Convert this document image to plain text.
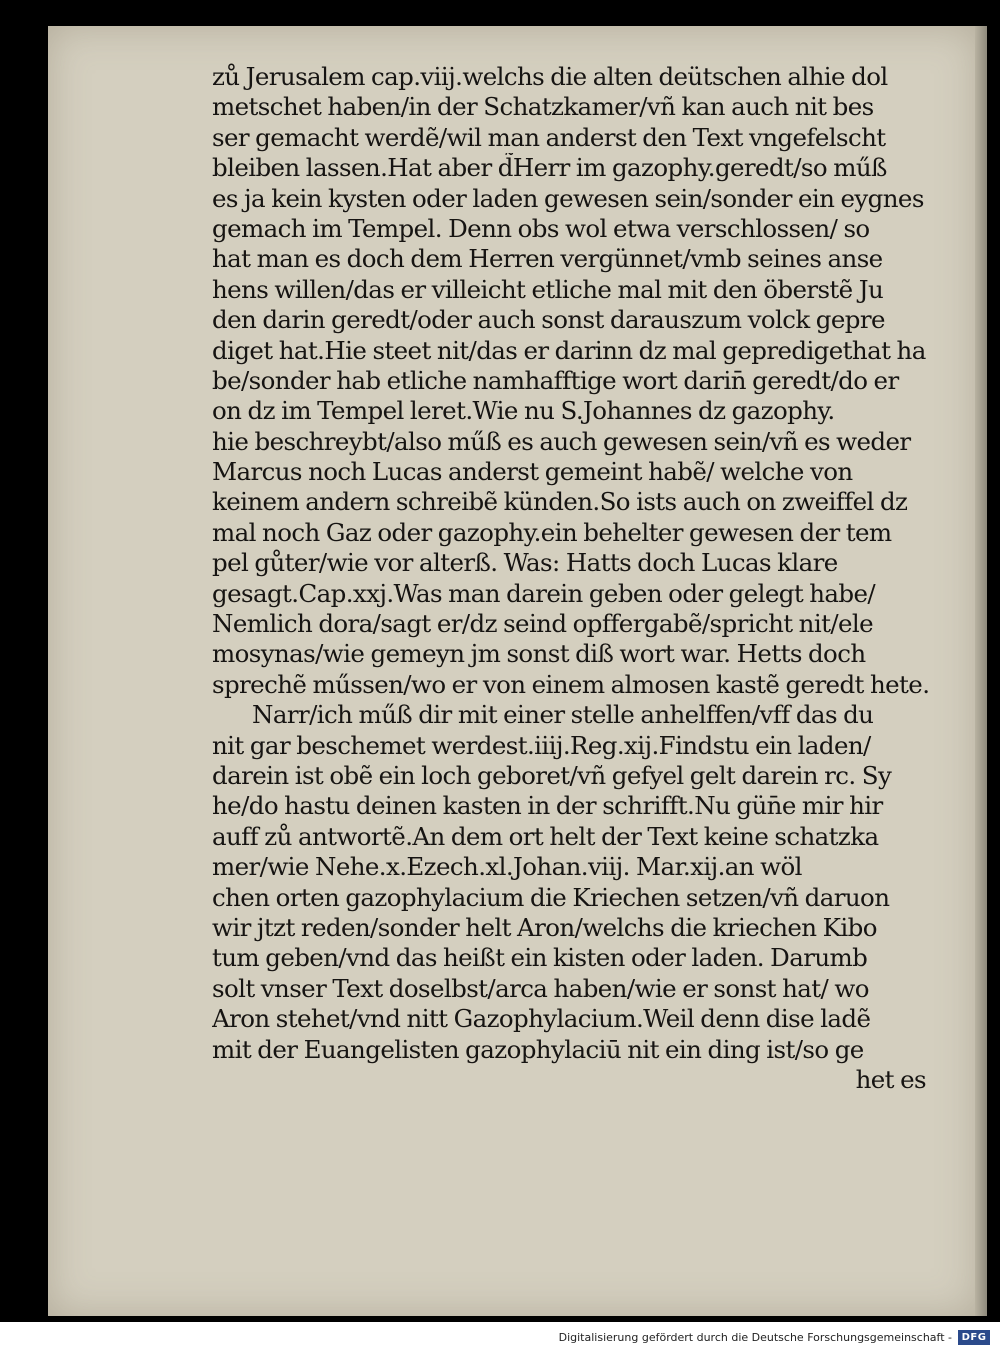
zů Jerusalem cap.viij.welchs die alten deütschen alhie dol
metschet haben/in der Schatzkamer/vñ kan auch nit bes
ser gemacht werdẽ/wil man anderst den Text vngefelscht
bleiben lassen.Hat aber d̃Herr im gazophy.geredt/so műß
es ja kein kysten oder laden gewesen sein/sonder ein eygnes
gemach im Tempel. Denn obs wol etwa verschlossen/ so
hat man es doch dem Herren vergünnet/vmb seines anse
hens willen/das er villeicht etliche mal mit den öberstẽ Ju
den darin geredt/oder auch sonst darauszum volck gepre
diget hat.Hie steet nit/das er darinn dz mal gepredigethat ha
be/sonder hab etliche namhafftige wort darin̄ geredt/do er
on dz im Tempel leret.Wie nu S.Johannes dz gazophy.
hie beschreybt/also műß es auch gewesen sein/vñ es weder
Marcus noch Lucas anderst gemeint habẽ/ welche von
keinem andern schreibẽ künden.So ists auch on zweiffel dz
mal noch Gaz oder gazophy.ein behelter gewesen der tem
pel gůter/wie vor alterß. Was: Hatts doch Lucas klare
gesagt.Cap.xxj.Was man darein geben oder gelegt habe/
Nemlich dora/sagt er/dz seind opffergabẽ/spricht nit/ele
mosynas/wie gemeyn jm sonst diß wort war. Hetts doch
sprechẽ műssen/wo er von einem almosen kastẽ geredt hete.
Narr/ich műß dir mit einer stelle anhelffen/vff das du
nit gar beschemet werdest.iiij.Reg.xij.Findstu ein laden/
darein ist obẽ ein loch geboret/vñ gefyel gelt darein rc. Sy
he/do hastu deinen kasten in der schrifft.Nu gün̄e mir hir
auff zů antwortẽ.An dem ort helt der Text keine schatzka
mer/wie Nehe.x.Ezech.xl.Johan.viij. Mar.xij.an wöl
chen orten gazophylacium die Kriechen setzen/vñ daruon
wir jtzt reden/sonder helt Aron/welchs die kriechen Kibo
tum geben/vnd das heißt ein kisten oder laden. Darumb
solt vnser Text doselbst/arca haben/wie er sonst hat/ wo
Aron stehet/vnd nitt Gazophylacium.Weil denn dise ladẽ
mit der Euangelisten gazophylaciū nit ein ding ist/so ge
het es
Digitalisierung gefördert durch die Deutsche Forschungsgemeinschaft - DFG
